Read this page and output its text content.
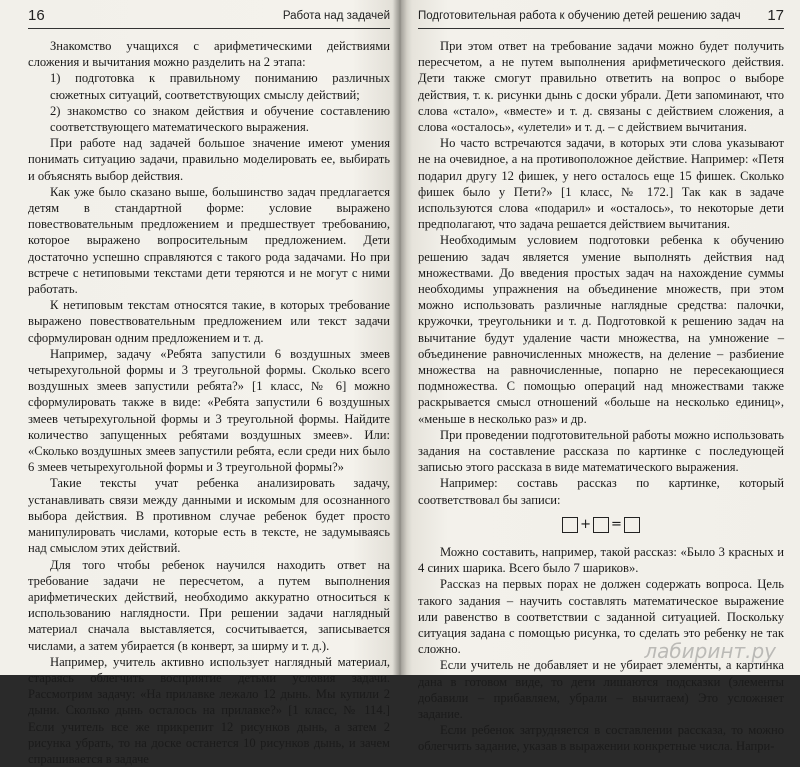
16	Работа над задачей

Знакомство учащихся с арифметическими действиями сложения и вычитания можно разделить на 2 этапа:

1) подготовка к правильному пониманию различных сюжетных ситуаций, соответствующих смыслу действий;

2) знакомство со знаком действия и обучение составлению соответствующего математического выражения.

При работе над задачей большое значение имеют умения понимать ситуацию задачи, правильно моделировать ее, выбирать и объяснять выбор действия.

Как уже было сказано выше, большинство задач предлагается детям в стандартной форме: условие выражено повествовательным предложением и предшествует требованию, которое выражено вопросительным предложением. Дети достаточно успешно справляются с такого рода задачами. Но при встрече с нетиповыми текстами дети теряются и не могут с ними работать.

К нетиповым текстам относятся такие, в которых требование выражено повествовательным предложением или текст задачи сформулирован одним предложением и т. д.

Например, задачу «Ребята запустили 6 воздушных змеев четырехугольной формы и 3 треугольной формы. Сколько всего воздушных змеев запустили ребята?» [1 класс, № 6] можно сформулировать также в виде: «Ребята запустили 6 воздушных змеев четырехугольной формы и 3 треугольной формы. Найдите количество запущенных ребятами воздушных змеев». Или: «Сколько воздушных змеев запустили ребята, если среди них было 6 змеев четырехугольной формы и 3 треугольной формы?»

Такие тексты учат ребенка анализировать задачу, устанавливать связи между данными и искомым для осознанного выбора действия. В противном случае ребенок будет просто манипулировать числами, которые есть в тексте, не задумываясь над смыслом этих действий.

Для того чтобы ребенок научился находить ответ на требование задачи не пересчетом, а путем выполнения арифметических действий, необходимо аккуратно относиться к использованию наглядности. При решении задачи наглядный материал сначала выставляется, сосчитывается, записывается числами, а затем убирается (в конверт, за ширму и т. д.).

Например, учитель активно использует наглядный материал, стараясь облегчить восприятие детьми условия задачи. Рассмотрим задачу: «На прилавке лежало 12 дынь. Мы купили 2 дыни. Сколько дынь осталось на прилавке?» [1 класс, № 114.] Если учитель все же прикрепит 12 рисунков дынь, а затем 2 рисунка убрать, то на доске останется 10 рисунков дынь, и зачем спрашивается в задаче

Подготовительная работа к обучению детей решению задач 17

При этом ответ на требование задачи можно будет получить пересчетом, а не путем выполнения арифметического действия. Дети также смогут правильно ответить на вопрос о выборе действия, т. к. рисунки дынь с доски убрали. Дети запоминают, что слова «стало», «вместе» и т. д. связаны с действием сложения, а слова «осталось», «улетели» и т. д. – с действием вычитания.

Но часто встречаются задачи, в которых эти слова указывают не на очевидное, а на противоположное действие. Например: «Петя подарил другу 12 фишек, у него осталось еще 15 фишек. Сколько фишек было у Пети?» [1 класс, № 172.] Так как в задаче используются слова «подарил» и «осталось», то некоторые дети предполагают, что задача решается действием вычитания.

Необходимым условием подготовки ребенка к обучению решению задач является умение выполнять действия над множествами. До введения простых задач на нахождение суммы необходимы упражнения на объединение множеств, при этом можно использовать различные наглядные средства: палочки, кружочки, треугольники и т. д. Подготовкой к решению задач на вычитание будут удаление части множества, на умножение – объединение равночисленных множеств, на деление – разбиение множества на равночисленные, попарно не пересекающиеся подмножества. С помощью операций над множествами также раскрывается смысл отношений «больше на несколько единиц», «меньше в несколько раз» и др.

При проведении подготовительной работы можно использовать задания на составление рассказа по картинке с последующей записью этого рассказа в виде математического выражения.

Например: составь рассказ по картинке, который соответствовал бы записи:

+ =

Можно составить, например, такой рассказ: «Было 3 красных и 4 синих шарика. Всего было 7 шариков».

Рассказ на первых порах не должен содержать вопроса. Цель такого задания – научить составлять математическое выражение или равенство в соответствии с заданной ситуацией. Поскольку ситуация задана с помощью рисунка, то сделать это ребенку не так сложно.

Если учитель не добавляет и не убирает элементы, а картинка дана в готовом виде, то дети лишаются подсказки (элементы добавили – прибавляем, убрали – вычитаем) Это усложняет задание.

Если ребенок затрудняется в составлении рассказа, то можно облегчить задание, указав в выражении конкретные числа. Напри-

лабиринт.ру
